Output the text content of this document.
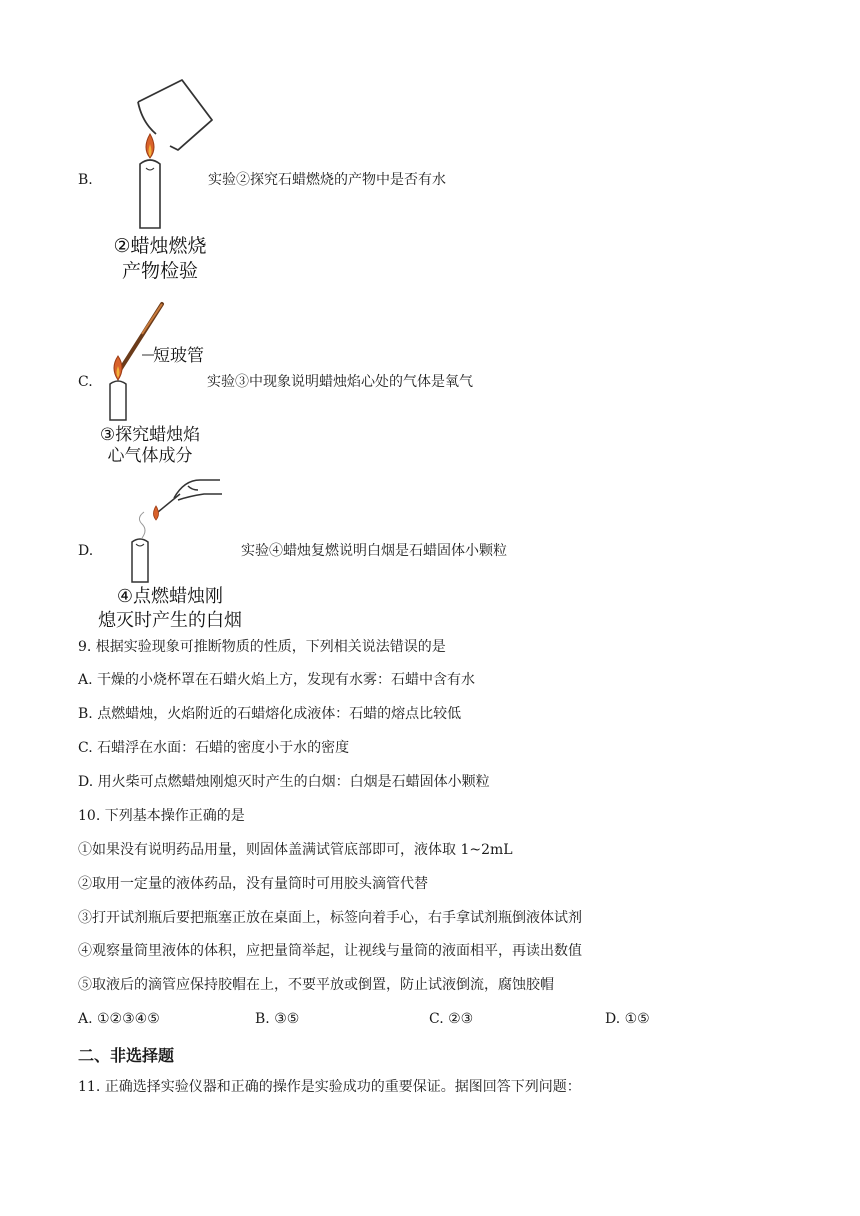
B.	实验②探究石蜡燃烧的产物中是否有水
②蜡烛燃烧
产物检验
C.
短玻管
实验③中现象说明蜡烛焰心处的气体是氧气
③探究蜡烛焰
心气体成分
D.	实验④蜡烛复燃说明白烟是石蜡固体小颗粒
④点燃蜡烛刚
熄灭时产生的白烟
9. 根据实验现象可推断物质的性质，下列相关说法错误的是
A. 干燥的小烧杯罩在石蜡火焰上方，发现有水雾：石蜡中含有水
B. 点燃蜡烛，火焰附近的石蜡熔化成液体：石蜡的熔点比较低
C. 石蜡浮在水面：石蜡的密度小于水的密度
D. 用火柴可点燃蜡烛刚熄灭时产生的白烟：白烟是石蜡固体小颗粒
10. 下列基本操作正确的是
①如果没有说明药品用量，则固体盖满试管底部即可，液体取 1~2mL
②取用一定量的液体药品，没有量筒时可用胶头滴管代替
③打开试剂瓶后要把瓶塞正放在桌面上，标签向着手心，右手拿试剂瓶倒液体试剂
④观察量筒里液体的体积，应把量筒举起，让视线与量筒的液面相平，再读出数值
⑤取液后的滴管应保持胶帽在上，不要平放或倒置，防止试液倒流，腐蚀胶帽
A. ①②③④⑤	B. ③⑤	C. ②③	D. ①⑤
二、非选择题
11. 正确选择实验仪器和正确的操作是实验成功的重要保证。据图回答下列问题：
